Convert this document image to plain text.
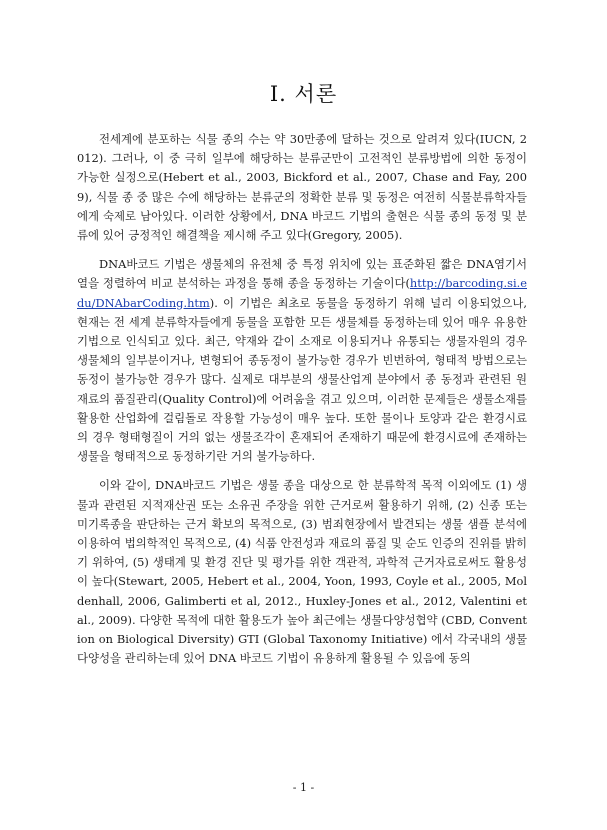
I. 서론

전세계에 분포하는 식물 종의 수는 약 30만종에 달하는 것으로 알려져 있다(IUCN, 2012). 그러나, 이 중 극히 일부에 해당하는 분류군만이 고전적인 분류방법에 의한 동정이 가능한 실정으로(Hebert et al., 2003, Bickford et al., 2007, Chase and Fay, 2009), 식물 종 중 많은 수에 해당하는 분류군의 정확한 분류 및 동정은 여전히 식물분류학자들에게 숙제로 남아있다. 이러한 상황에서, DNA 바코드 기법의 출현은 식물 종의 동정 및 분류에 있어 긍정적인 해결책을 제시해 주고 있다(Gregory, 2005).

DNA바코드 기법은 생물체의 유전체 중 특정 위치에 있는 표준화된 짧은 DNA염기서열을 정렬하여 비교 분석하는 과정을 통해 종을 동정하는 기술이다(http://barcoding.si.edu/DNAbarCoding.htm). 이 기법은 최초로 동물을 동정하기 위해 널리 이용되었으나, 현재는 전 세계 분류학자들에게 동물을 포함한 모든 생물체를 동정하는데 있어 매우 유용한 기법으로 인식되고 있다. 최근, 약재와 같이 소재로 이용되거나 유통되는 생물자원의 경우 생물체의 일부분이거나, 변형되어 종동정이 불가능한 경우가 빈번하여, 형태적 방법으로는 동정이 불가능한 경우가 많다. 실제로 대부분의 생물산업계 분야에서 종 동정과 관련된 원재료의 품질관리(Quality Control)에 어려움을 겪고 있으며, 이러한 문제들은 생물소재를 활용한 산업화에 걸림돌로 작용할 가능성이 매우 높다. 또한 물이나 토양과 같은 환경시료의 경우 형태형질이 거의 없는 생물조각이 혼재되어 존재하기 때문에 환경시료에 존재하는 생물을 형태적으로 동정하기란 거의 불가능하다.

이와 같이, DNA바코드 기법은 생물 종을 대상으로 한 분류학적 목적 이외에도 (1) 생물과 관련된 지적재산권 또는 소유권 주장을 위한 근거로써 활용하기 위해, (2) 신종 또는 미기록종을 판단하는 근거 확보의 목적으로, (3) 범죄현장에서 발견되는 생물 샘플 분석에 이용하여 법의학적인 목적으로, (4) 식품 안전성과 재료의 품질 및 순도 인증의 진위를 밝히기 위하여, (5) 생태계 및 환경 진단 및 평가를 위한 객관적, 과학적 근거자료로써도 활용성이 높다(Stewart, 2005, Hebert et al., 2004, Yoon, 1993, Coyle et al., 2005, Moldenhall, 2006, Galimberti et al, 2012., Huxley-Jones et al., 2012, Valentini et al., 2009). 다양한 목적에 대한 활용도가 높아 최근에는 생물다양성협약 (CBD, Convention on Biological Diversity) GTI (Global Taxonomy Initiative) 에서 각국내의 생물다양성을 관리하는데 있어 DNA 바코드 기법이 유용하게 활용될 수 있음에 동의

- 1 -
